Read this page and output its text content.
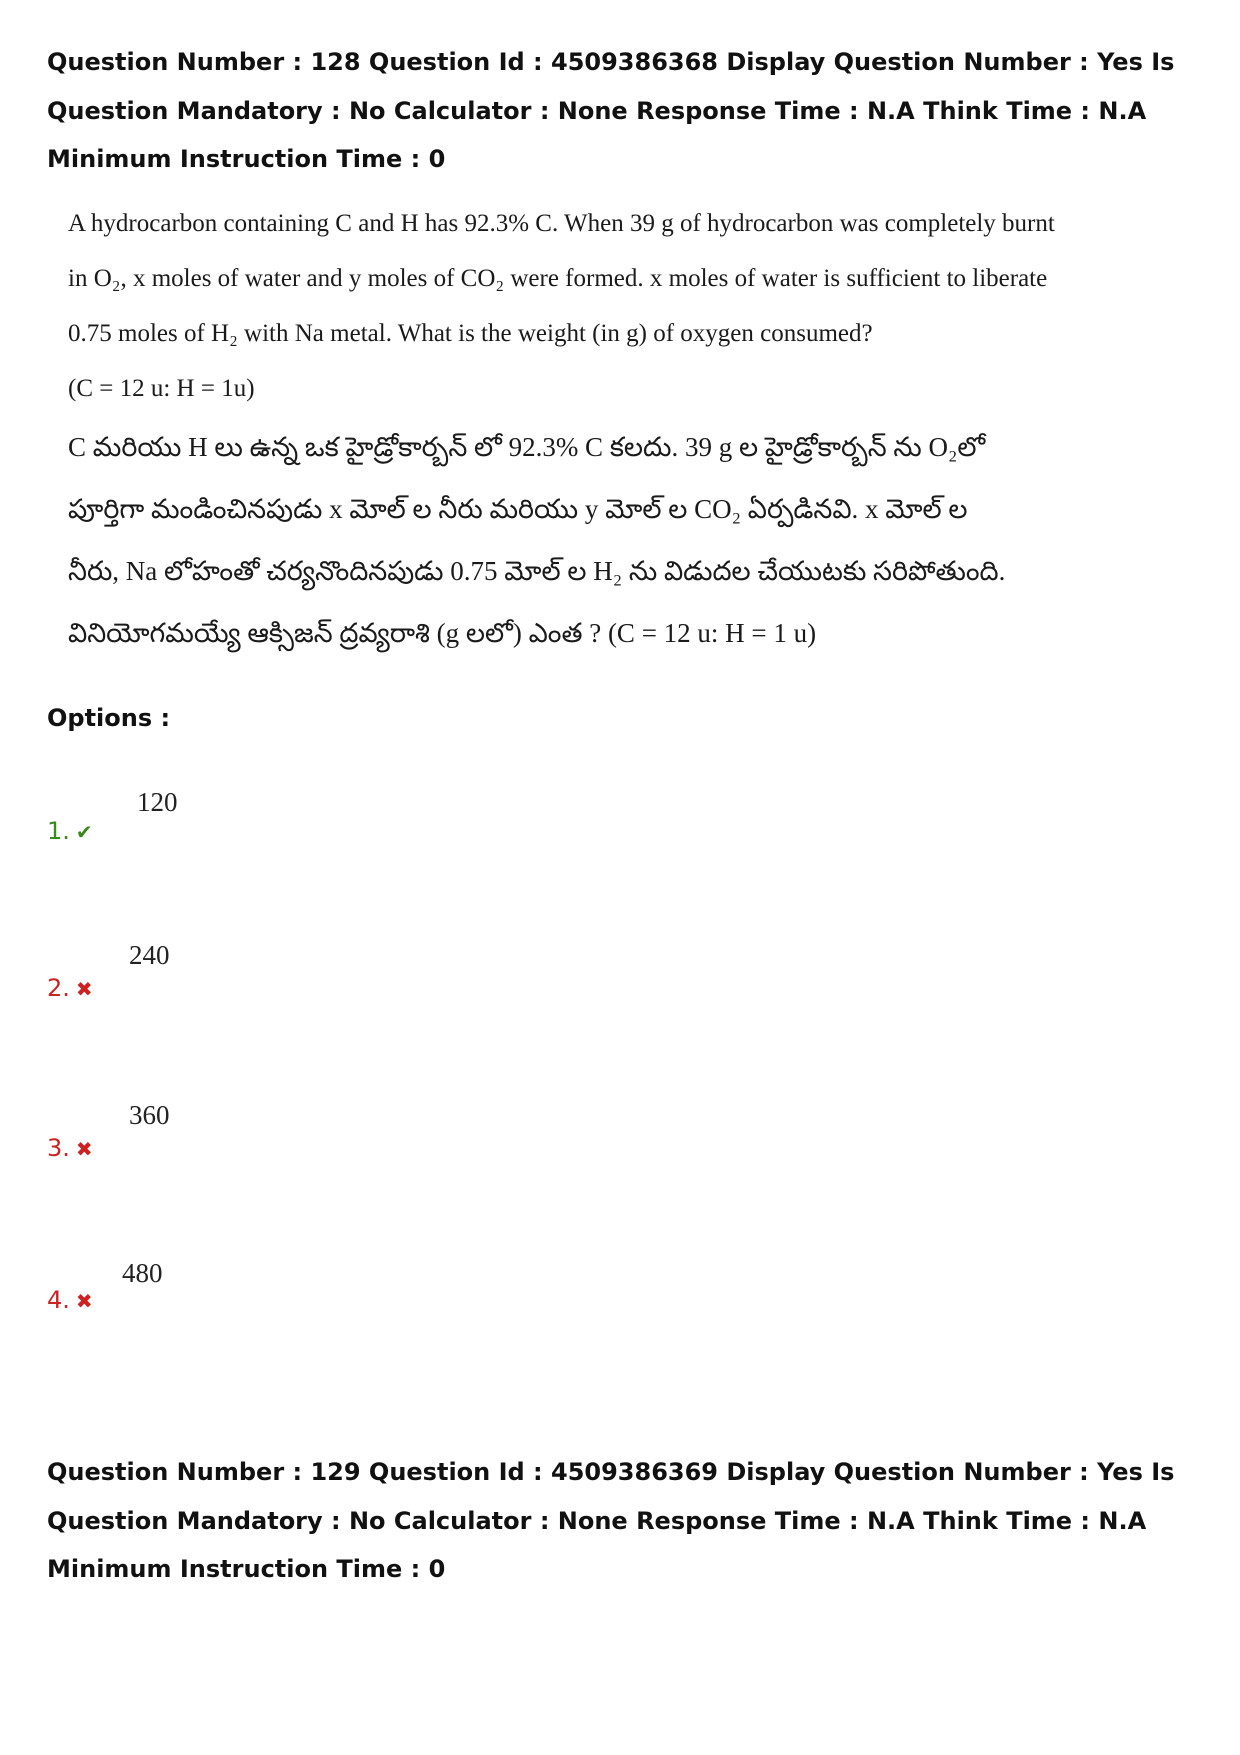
Question Number : 128 Question Id : 4509386368 Display Question Number : Yes Is Question Mandatory : No Calculator : None Response Time : N.A Think Time : N.A Minimum Instruction Time : 0

A hydrocarbon containing C and H has 92.3% C. When 39 g of hydrocarbon was completely burnt
in O₂, x moles of water and y moles of CO₂ were formed. x moles of water is sufficient to liberate
0.75 moles of H₂ with Na metal. What is the weight (in g) of oxygen consumed?
(C = 12 u: H = 1u)
C మరియు H లు ఉన్న ఒక హైడ్రోకార్బన్ లో 92.3% C కలదు. 39 g ల హైడ్రోకార్బన్ ను O₂లో
పూర్తిగా మండించినపుడు x మోల్ ల నీరు మరియు y మోల్ ల CO₂ ఏర్పడినవి. x మోల్ ల
నీరు, Na లోహంతో చర్యనొందినపుడు 0.75 మోల్ ల H₂ ను విడుదల చేయుటకు సరిపోతుంది.
వినియోగమయ్యే ఆక్సిజన్ ద్రవ్యరాశి (g లలో) ఎంత ? (C = 12 u: H = 1 u)

Options :

1. ✔
120
2. ✖
240
3. ✖
360
4. ✖
480

Question Number : 129 Question Id : 4509386369 Display Question Number : Yes Is Question Mandatory : No Calculator : None Response Time : N.A Think Time : N.A Minimum Instruction Time : 0
